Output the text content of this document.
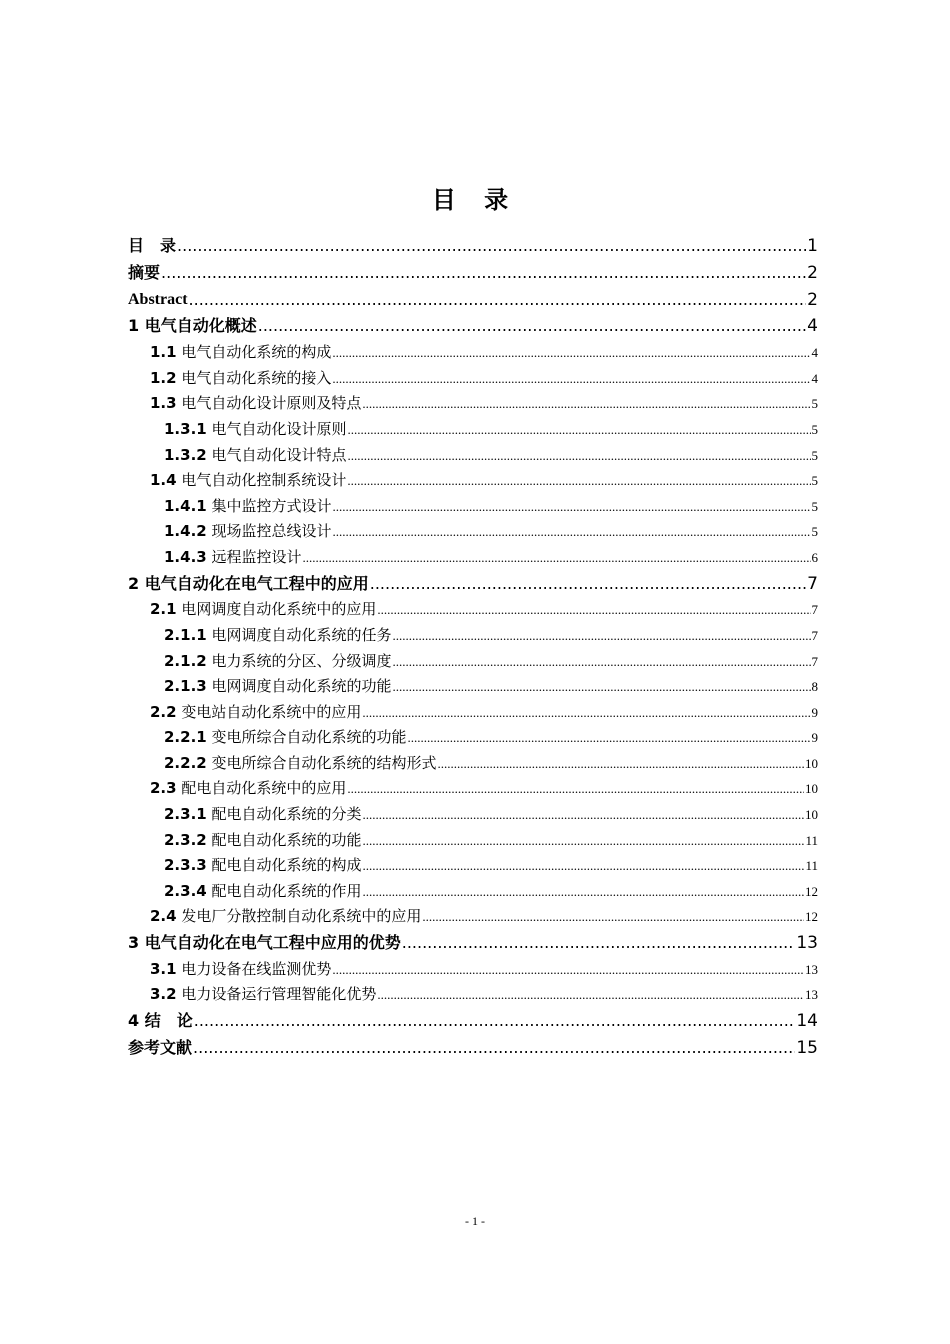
目 录
目　录 .....	1
摘要 .....	2
Abstract .....	2
1 电气自动化概述 .....	4
1.1 电气自动化系统的构成 .....	4
1.2 电气自动化系统的接入 .....	4
1.3 电气自动化设计原则及特点 .....	5
1.3.1 电气自动化设计原则 .....	5
1.3.2 电气自动化设计特点 .....	5
1.4 电气自动化控制系统设计 .....	5
1.4.1 集中监控方式设计 .....	5
1.4.2 现场监控总线设计 .....	5
1.4.3 远程监控设计 .....	6
2 电气自动化在电气工程中的应用 .....	7
2.1 电网调度自动化系统中的应用 .....	7
2.1.1 电网调度自动化系统的任务 .....	7
2.1.2 电力系统的分区、分级调度 .....	7
2.1.3 电网调度自动化系统的功能 .....	8
2.2 变电站自动化系统中的应用 .....	9
2.2.1 变电所综合自动化系统的功能 .....	9
2.2.2 变电所综合自动化系统的结构形式 .....	10
2.3 配电自动化系统中的应用 .....	10
2.3.1 配电自动化系统的分类 .....	10
2.3.2 配电自动化系统的功能 .....	11
2.3.3 配电自动化系统的构成 .....	11
2.3.4 配电自动化系统的作用 .....	12
2.4 发电厂分散控制自动化系统中的应用 .....	12
3 电气自动化在电气工程中应用的优势 .....	13
3.1 电力设备在线监测优势 .....	13
3.2 电力设备运行管理智能化优势 .....	13
4 结　论 .....	14
参考文献 .....	15
- 1 -
